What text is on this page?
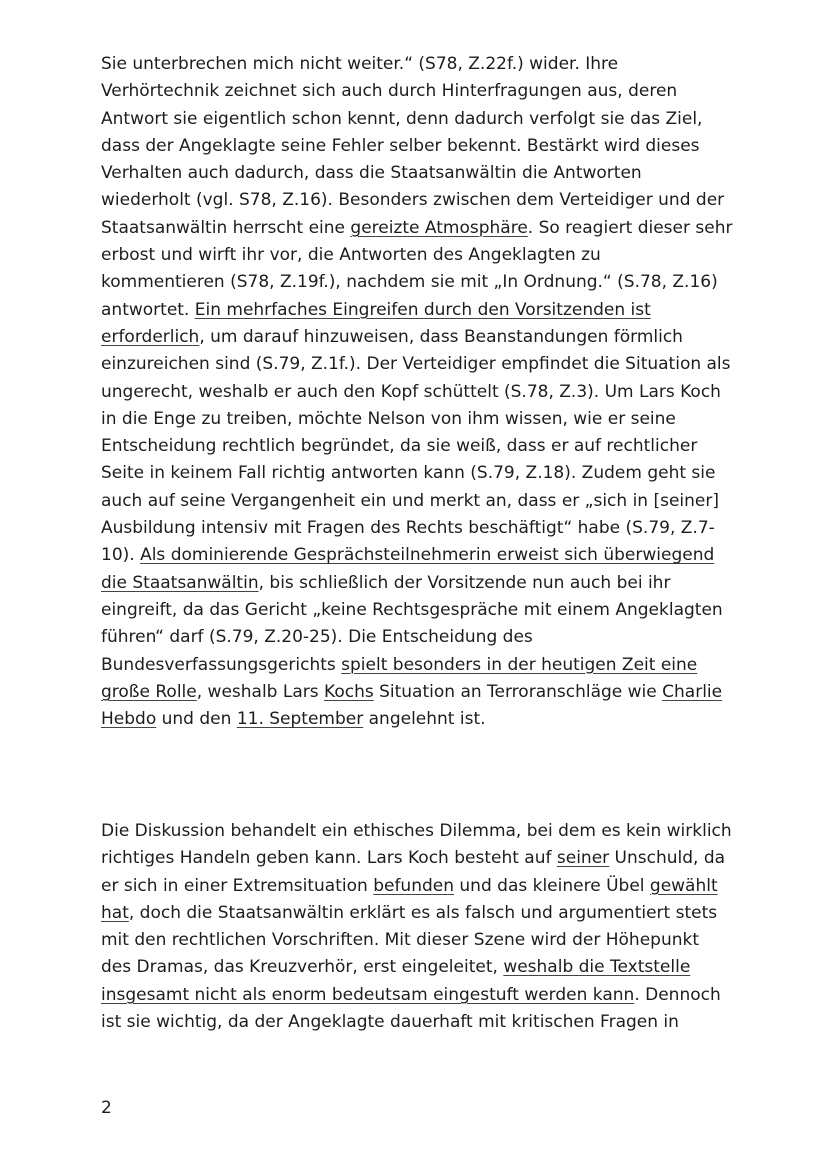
Sie unterbrechen mich nicht weiter.“ (S78, Z.22f.) wider. Ihre
Verhörtechnik zeichnet sich auch durch Hinterfragungen aus, deren
Antwort sie eigentlich schon kennt, denn dadurch verfolgt sie das Ziel,
dass der Angeklagte seine Fehler selber bekennt. Bestärkt wird dieses
Verhalten auch dadurch, dass die Staatsanwältin die Antworten
wiederholt (vgl. S78, Z.16). Besonders zwischen dem Verteidiger und der
Staatsanwältin herrscht eine gereizte Atmosphäre. So reagiert dieser sehr
erbost und wirft ihr vor, die Antworten des Angeklagten zu
kommentieren (S78, Z.19f.), nachdem sie mit „In Ordnung.“ (S.78, Z.16)
antwortet. Ein mehrfaches Eingreifen durch den Vorsitzenden ist
erforderlich, um darauf hinzuweisen, dass Beanstandungen förmlich
einzureichen sind (S.79, Z.1f.). Der Verteidiger empfindet die Situation als
ungerecht, weshalb er auch den Kopf schüttelt (S.78, Z.3). Um Lars Koch
in die Enge zu treiben, möchte Nelson von ihm wissen, wie er seine
Entscheidung rechtlich begründet, da sie weiß, dass er auf rechtlicher
Seite in keinem Fall richtig antworten kann (S.79, Z.18). Zudem geht sie
auch auf seine Vergangenheit ein und merkt an, dass er „sich in [seiner]
Ausbildung intensiv mit Fragen des Rechts beschäftigt“ habe (S.79, Z.7-
10). Als dominierende Gesprächsteilnehmerin erweist sich überwiegend
die Staatsanwältin, bis schließlich der Vorsitzende nun auch bei ihr
eingreift, da das Gericht „keine Rechtsgespräche mit einem Angeklagten
führen“ darf (S.79, Z.20-25). Die Entscheidung des
Bundesverfassungsgerichts spielt besonders in der heutigen Zeit eine
große Rolle, weshalb Lars Kochs Situation an Terroranschläge wie Charlie
Hebdo und den 11. September angelehnt ist.
Die Diskussion behandelt ein ethisches Dilemma, bei dem es kein wirklich
richtiges Handeln geben kann. Lars Koch besteht auf seiner Unschuld, da
er sich in einer Extremsituation befunden und das kleinere Übel gewählt
hat, doch die Staatsanwältin erklärt es als falsch und argumentiert stets
mit den rechtlichen Vorschriften. Mit dieser Szene wird der Höhepunkt
des Dramas, das Kreuzverhör, erst eingeleitet, weshalb die Textstelle
insgesamt nicht als enorm bedeutsam eingestuft werden kann. Dennoch
ist sie wichtig, da der Angeklagte dauerhaft mit kritischen Fragen in
2
